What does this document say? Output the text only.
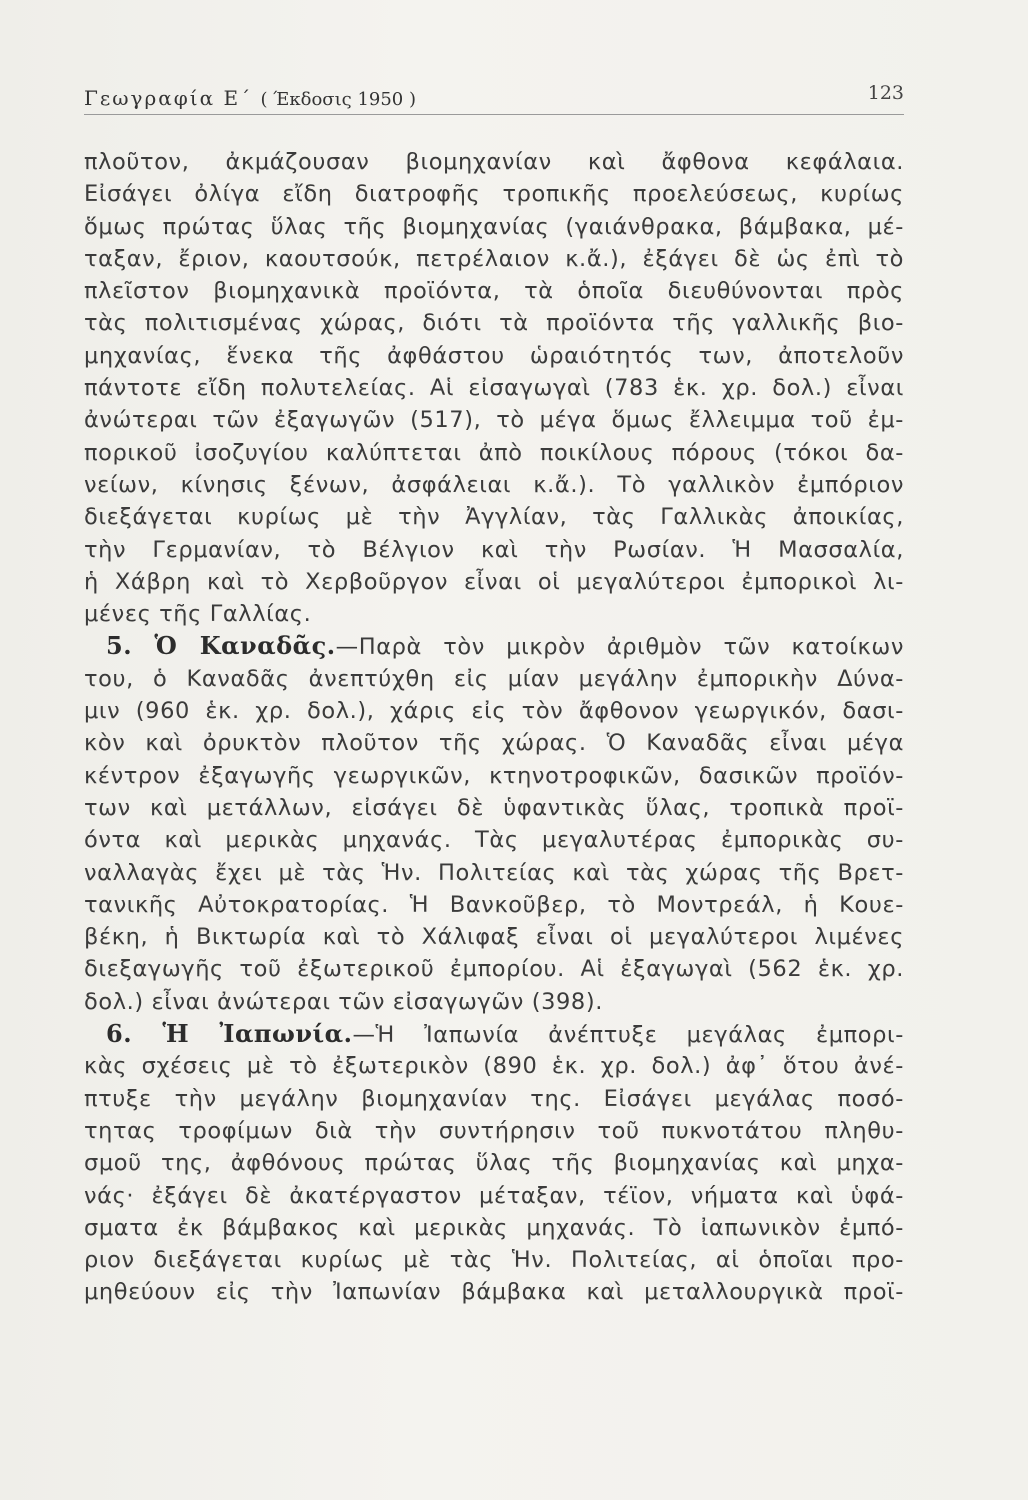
Γεωγραφία Ε΄ ( Έκδοσις 1950 )	123
πλοῦτον, ἀκμάζουσαν βιομηχανίαν καὶ ἄφθονα κεφάλαια.
Εἰσάγει ὀλίγα εἴδη διατροφῆς τροπικῆς προελεύσεως, κυρίως
ὅμως πρώτας ὕλας τῆς βιομηχανίας (γαιάνθρακα, βάμβακα, μέ-
ταξαν, ἔριον, καουτσούκ, πετρέλαιον κ.ἄ.), ἐξάγει δὲ ὡς ἐπὶ τὸ
πλεῖστον βιομηχανικὰ προϊόντα, τὰ ὁποῖα διευθύνονται πρὸς
τὰς πολιτισμένας χώρας, διότι τὰ προϊόντα τῆς γαλλικῆς βιο-
μηχανίας, ἕνεκα τῆς ἀφθάστου ὡραιότητός των, ἀποτελοῦν
πάντοτε εἴδη πολυτελείας. Αἱ εἰσαγωγαὶ (783 ἑκ. χρ. δολ.) εἶναι
ἀνώτεραι τῶν ἐξαγωγῶν (517), τὸ μέγα ὅμως ἔλλειμμα τοῦ ἐμ-
πορικοῦ ἰσοζυγίου καλύπτεται ἀπὸ ποικίλους πόρους (τόκοι δα-
νείων, κίνησις ξένων, ἀσφάλειαι κ.ἄ.). Τὸ γαλλικὸν ἐμπόριον
διεξάγεται κυρίως μὲ τὴν Ἀγγλίαν, τὰς Γαλλικὰς ἀποικίας,
τὴν Γερμανίαν, τὸ Βέλγιον καὶ τὴν Ρωσίαν. Ἡ Μασσαλία,
ἡ Χάβρη καὶ τὸ Χερβοῦργον εἶναι οἱ μεγαλύτεροι ἐμπορικοὶ λι-
μένες τῆς Γαλλίας.
5. Ὁ Καναδᾶς.—Παρὰ τὸν μικρὸν ἀριθμὸν τῶν κατοίκων
του, ὁ Καναδᾶς ἀνεπτύχθη εἰς μίαν μεγάλην ἐμπορικὴν Δύνα-
μιν (960 ἑκ. χρ. δολ.), χάρις εἰς τὸν ἄφθονον γεωργικόν, δασι-
κὸν καὶ ὀρυκτὸν πλοῦτον τῆς χώρας. Ὁ Καναδᾶς εἶναι μέγα
κέντρον ἐξαγωγῆς γεωργικῶν, κτηνοτροφικῶν, δασικῶν προϊόν-
των καὶ μετάλλων, εἰσάγει δὲ ὑφαντικὰς ὕλας, τροπικὰ προϊ-
όντα καὶ μερικὰς μηχανάς. Τὰς μεγαλυτέρας ἐμπορικὰς συ-
ναλλαγὰς ἔχει μὲ τὰς Ἡν. Πολιτείας καὶ τὰς χώρας τῆς Βρετ-
τανικῆς Αὐτοκρατορίας. Ἡ Βανκοῦβερ, τὸ Μοντρεάλ, ἡ Κουε-
βέκη, ἡ Βικτωρία καὶ τὸ Χάλιφαξ εἶναι οἱ μεγαλύτεροι λιμένες
διεξαγωγῆς τοῦ ἐξωτερικοῦ ἐμπορίου. Αἱ ἐξαγωγαὶ (562 ἑκ. χρ.
δολ.) εἶναι ἀνώτεραι τῶν εἰσαγωγῶν (398).
6. Ἡ Ἰαπωνία.—Ἡ Ἰαπωνία ἀνέπτυξε μεγάλας ἐμπορι-
κὰς σχέσεις μὲ τὸ ἐξωτερικὸν (890 ἑκ. χρ. δολ.) ἀφ᾽ ὅτου ἀνέ-
πτυξε τὴν μεγάλην βιομηχανίαν της. Εἰσάγει μεγάλας ποσό-
τητας τροφίμων διὰ τὴν συντήρησιν τοῦ πυκνοτάτου πληθυ-
σμοῦ της, ἀφθόνους πρώτας ὕλας τῆς βιομηχανίας καὶ μηχα-
νάς· ἐξάγει δὲ ἀκατέργαστον μέταξαν, τέϊον, νήματα καὶ ὑφά-
σματα ἐκ βάμβακος καὶ μερικὰς μηχανάς. Τὸ ἰαπωνικὸν ἐμπό-
ριον διεξάγεται κυρίως μὲ τὰς Ἡν. Πολιτείας, αἱ ὁποῖαι προ-
μηθεύουν εἰς τὴν Ἰαπωνίαν βάμβακα καὶ μεταλλουργικὰ προϊ-
